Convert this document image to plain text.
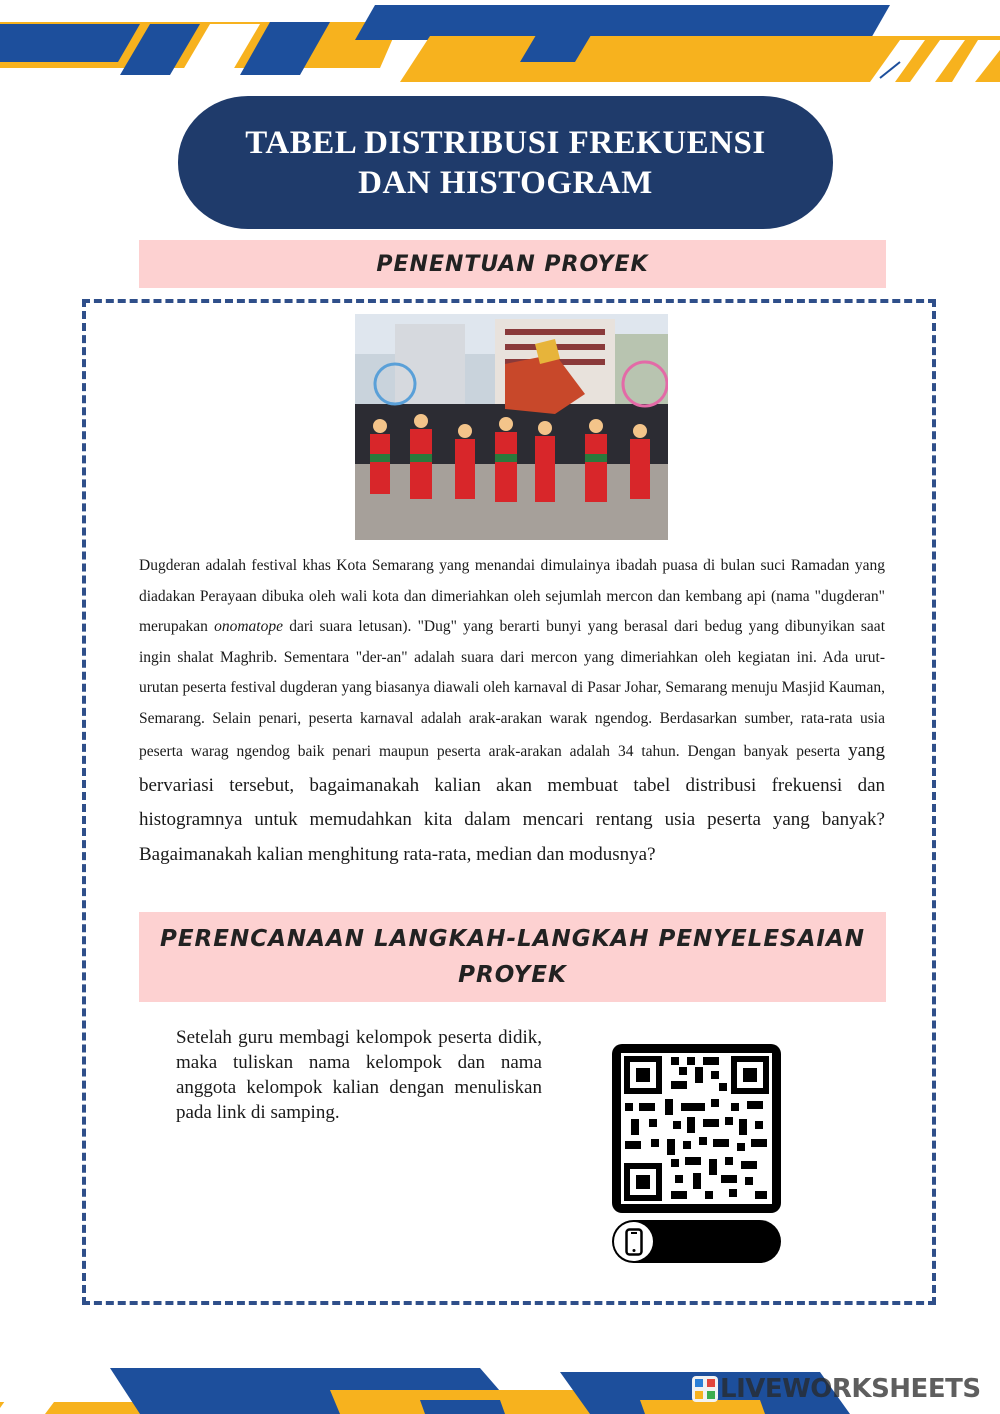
TABEL DISTRIBUSI FREKUENSI
DAN HISTOGRAM
PENENTUAN PROYEK
Dugderan adalah festival khas Kota Semarang yang menandai dimulainya ibadah puasa di bulan suci Ramadan yang diadakan Perayaan dibuka oleh wali kota dan dimeriahkan oleh sejumlah mercon dan kembang api (nama "dugderan" merupakan onomatope dari suara letusan). "Dug" yang berarti bunyi yang berasal dari bedug yang dibunyikan saat ingin shalat Maghrib. Sementara "der-an" adalah suara dari mercon yang dimeriahkan oleh kegiatan ini. Ada urut-urutan peserta festival dugderan yang biasanya diawali oleh karnaval di Pasar Johar, Semarang menuju Masjid Kauman, Semarang. Selain penari, peserta karnaval adalah arak-arakan warak ngendog. Berdasarkan sumber, rata-rata usia peserta warag ngendog baik penari maupun peserta arak-arakan adalah 34 tahun. Dengan banyak peserta yang bervariasi tersebut, bagaimanakah kalian akan membuat tabel distribusi frekuensi dan histogramnya untuk memudahkan kita dalam mencari rentang usia peserta yang banyak? Bagaimanakah kalian menghitung rata-rata, median dan modusnya?
PERENCANAAN LANGKAH-LANGKAH PENYELESAIAN
PROYEK
Setelah guru membagi kelompok peserta didik, maka tuliskan nama kelompok dan nama anggota kelompok kalian dengan menuliskan pada link di samping.
LIVEWORKSHEETS
